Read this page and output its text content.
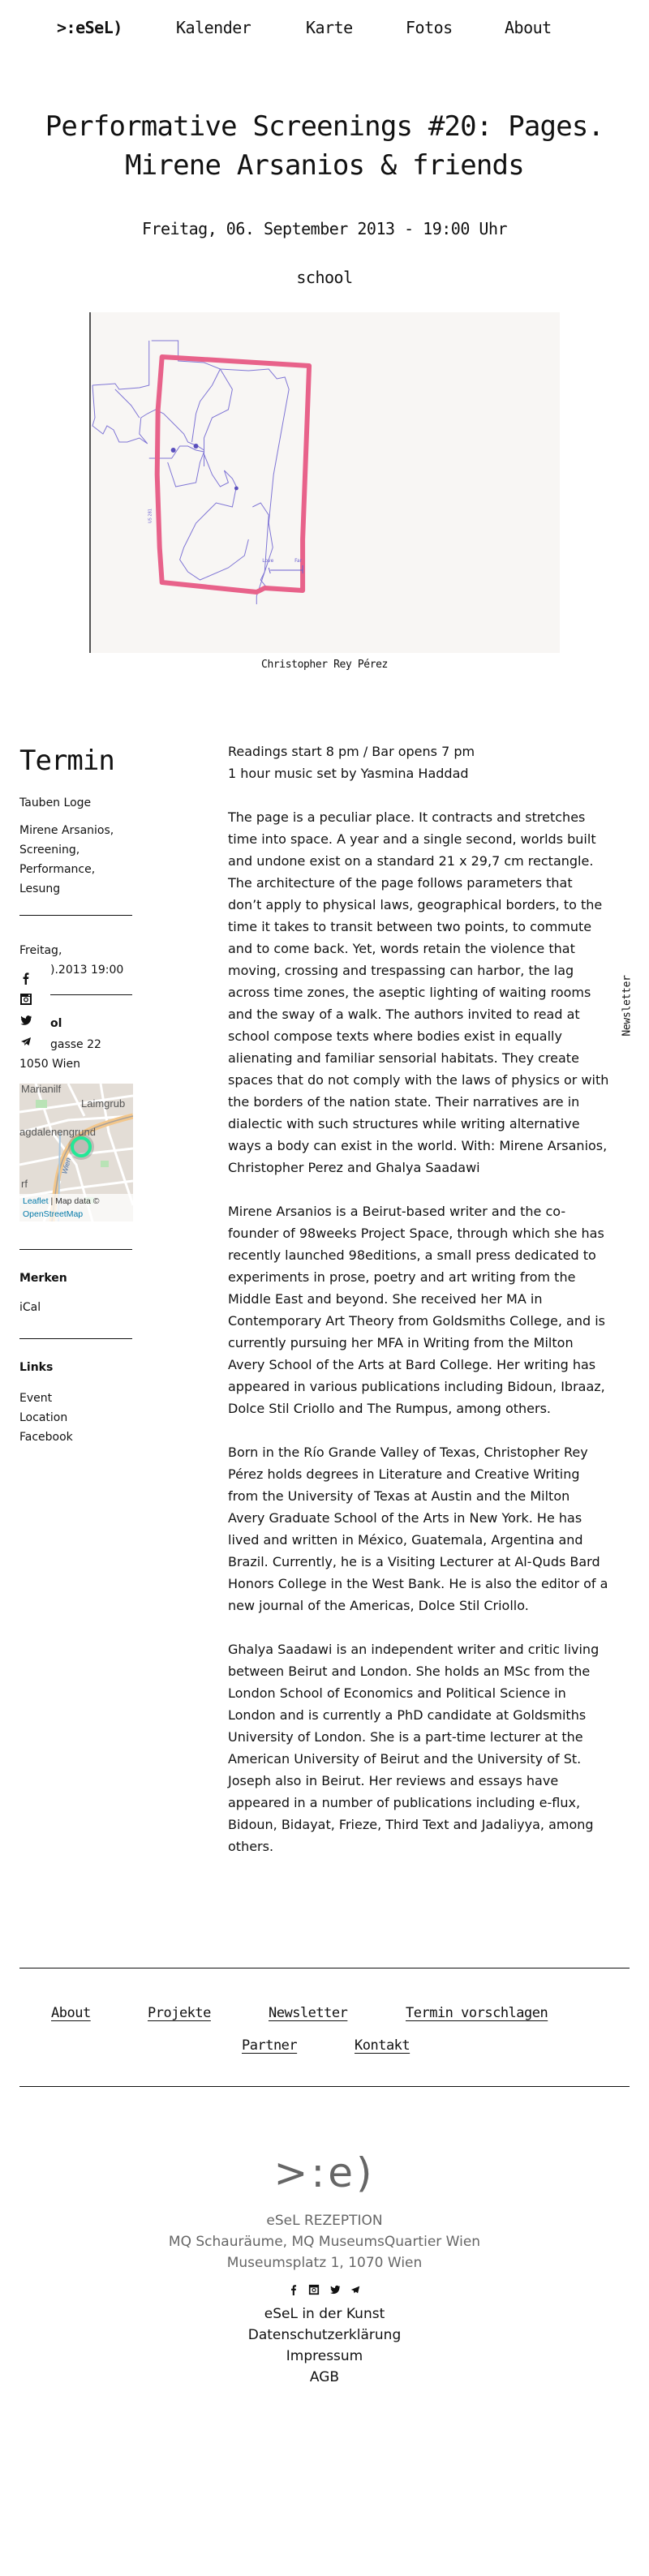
>:eSeL)	Kalender	Karte	Fotos	About
Performative Screenings #20: Pages.
Mirene Arsanios & friends
Freitag, 06. September 2013 - 19:00 Uhr
school
Love	Far
US 281
Christopher Rey Pérez
Termin
Tauben Loge
Mirene Arsanios,
Screening,
Performance,
Lesung
Freitag,
).2013 19:00
ol
gasse 22
1050 Wien
Marianilf
Laimgrub
agdalenengrund
rf
Wien
Leaflet | Map data ©
OpenStreetMap
Merken
iCal
Links
Event
Location
Facebook

Readings start 8 pm / Bar opens 7 pm
1 hour music set by Yasmina Haddad

The page is a peculiar place. It contracts and stretches time into space. A year and a single second, worlds built and undone exist on a standard 21 x 29,7 cm rectangle. The architecture of the page follows parameters that don’t apply to physical laws, geographical borders, to the time it takes to transit between two points, to commute and to come back. Yet, words retain the violence that moving, crossing and trespassing can harbor, the lag across time zones, the aseptic lighting of waiting rooms and the sway of a walk. The authors invited to read at school compose texts where bodies exist in equally alienating and familiar sensorial habitats. They create spaces that do not comply with the laws of physics or with the borders of the nation state. Their narratives are in dialectic with such structures while writing alternative ways a body can exist in the world. With: Mirene Arsanios, Christopher Perez and Ghalya Saadawi

Mirene Arsanios is a Beirut-based writer and the co-founder of 98weeks Project Space, through which she has recently launched 98editions, a small press dedicated to experiments in prose, poetry and art writing from the Middle East and beyond. She received her MA in Contemporary Art Theory from Goldsmiths College, and is currently pursuing her MFA in Writing from the Milton Avery School of the Arts at Bard College. Her writing has appeared in various publications including Bidoun, Ibraaz, Dolce Stil Criollo and The Rumpus, among others.

Born in the Río Grande Valley of Texas, Christopher Rey Pérez holds degrees in Literature and Creative Writing from the University of Texas at Austin and the Milton Avery Graduate School of the Arts in New York. He has lived and written in México, Guatemala, Argentina and Brazil. Currently, he is a Visiting Lecturer at Al-Quds Bard Honors College in the West Bank. He is also the editor of a new journal of the Americas, Dolce Stil Criollo.

Ghalya Saadawi is an independent writer and critic living between Beirut and London. She holds an MSc from the London School of Economics and Political Science in London and is currently a PhD candidate at Goldsmiths University of London. She is a part-time lecturer at the American University of Beirut and the University of St. Joseph also in Beirut. Her reviews and essays have appeared in a number of publications including e-flux, Bidoun, Bidayat, Frieze, Third Text and Jadaliyya, among others.

Newsletter
About	Projekte	Newsletter	Termin vorschlagen
Partner	Kontakt
>:e)
eSeL REZEPTION
MQ Schauräume, MQ MuseumsQuartier Wien
Museumsplatz 1, 1070 Wien

eSeL in der Kunst
Datenschutzerklärung
Impressum
AGB
